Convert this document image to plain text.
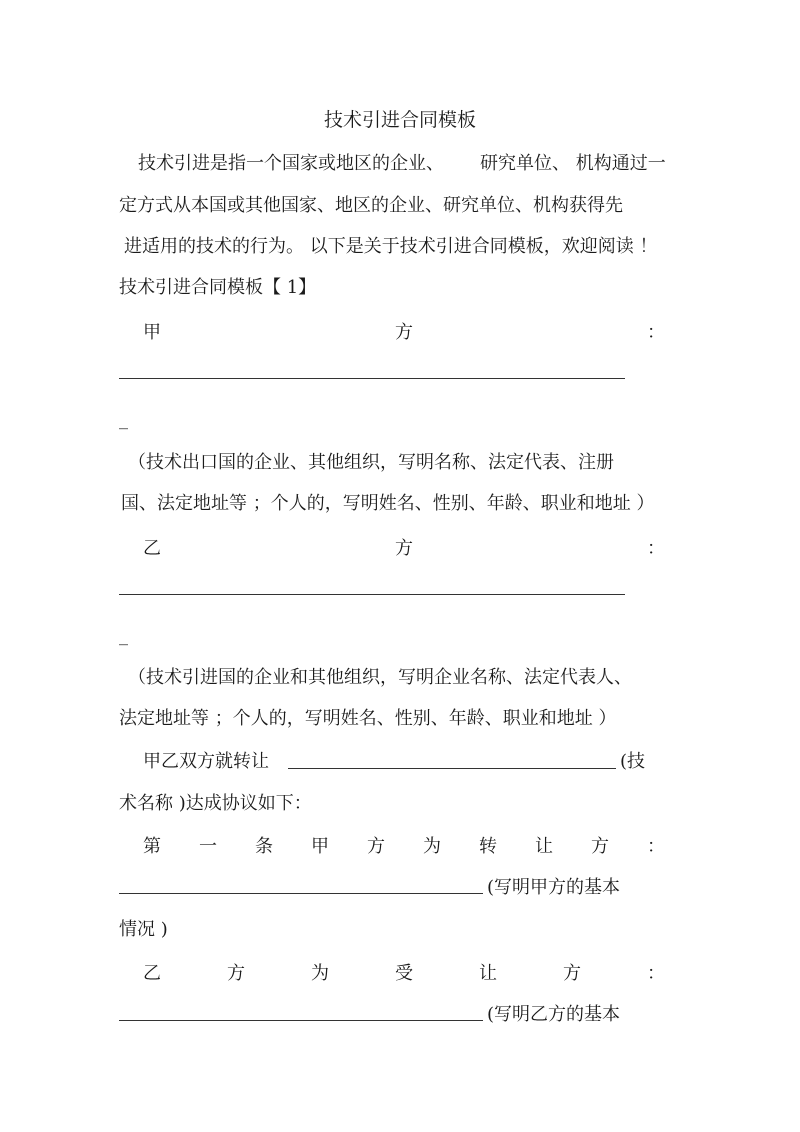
技术引进合同模板
技术引进是指一个国家或地区的企业、 研究单位、 机构通过一
定方式从本国或其他国家、地区的企业、研究单位、机构获得先
进适用的技术的行为。 以下是关于技术引进合同模板，欢迎阅读 ！
技术引进合同模板【 1】
甲	方	：
_
（技术出口国的企业、其他组织，写明名称、法定代表、注册
国、法定地址等 ；个人的，写明姓名、性别、年龄、职业和地址 ）
乙	方	：
_
（技术引进国的企业和其他组织，写明企业名称、法定代表人、
法定地址等 ；个人的，写明姓名、性别、年龄、职业和地址 ）
甲乙双方就转让	(技
术名称 )达成协议如下：
第 一 条 甲 方 为 转 让 方 ：
(写明甲方的基本
情况 )
乙	方	为	受	让	方	：
(写明乙方的基本
